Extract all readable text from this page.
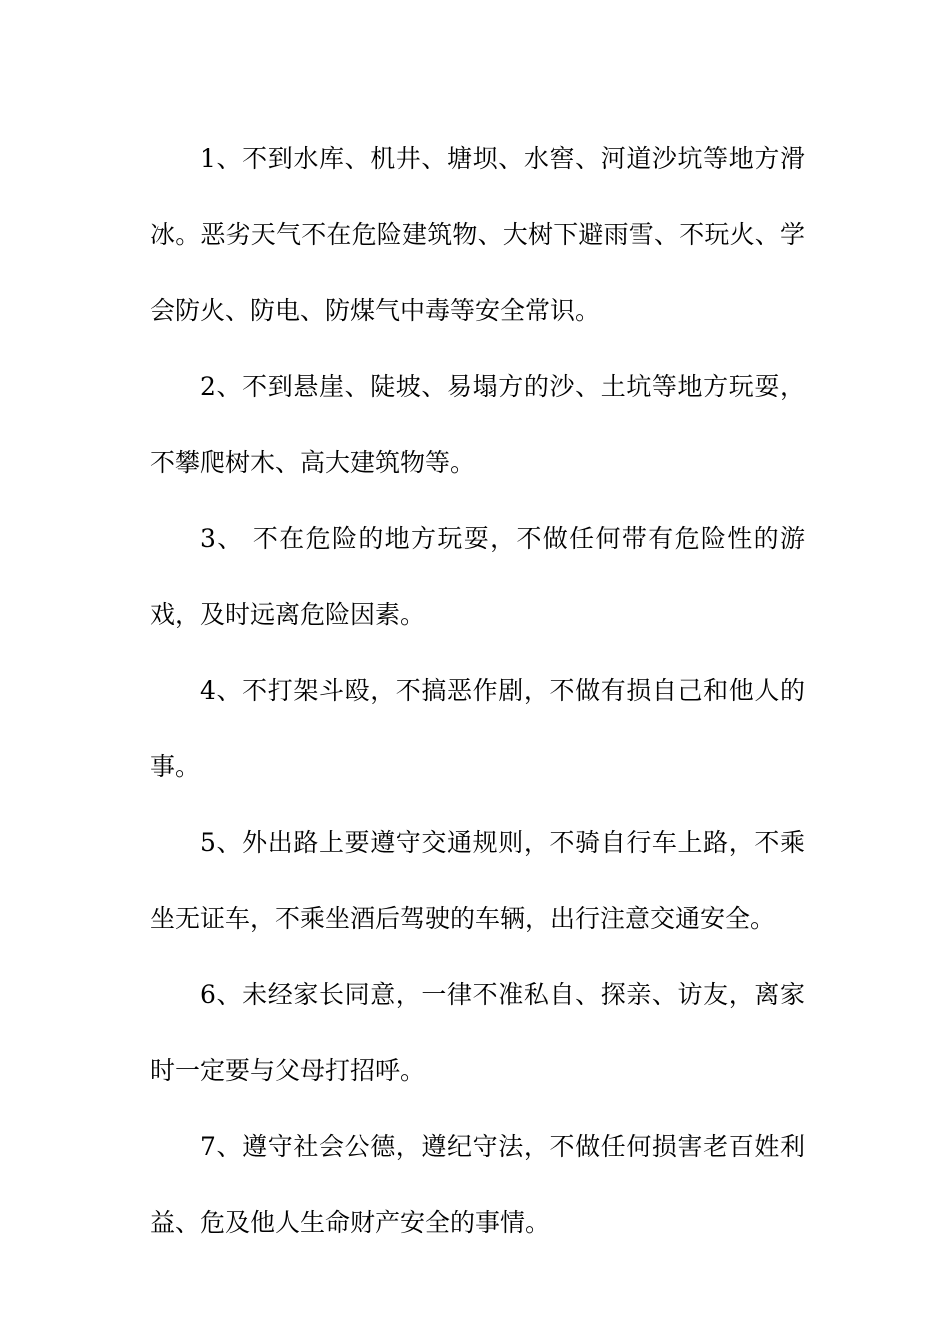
1、不到水库、机井、塘坝、水窖、河道沙坑等地方滑冰。恶劣天气不在危险建筑物、大树下避雨雪、不玩火、学会防火、防电、防煤气中毒等安全常识。

2、不到悬崖、陡坡、易塌方的沙、土坑等地方玩耍，不攀爬树木、高大建筑物等。

3、 不在危险的地方玩耍，不做任何带有危险性的游戏，及时远离危险因素。

4、不打架斗殴，不搞恶作剧，不做有损自己和他人的事。

5、外出路上要遵守交通规则，不骑自行车上路，不乘坐无证车，不乘坐酒后驾驶的车辆，出行注意交通安全。

6、未经家长同意，一律不准私自、探亲、访友，离家时一定要与父母打招呼。

7、遵守社会公德，遵纪守法，不做任何损害老百姓利益、危及他人生命财产安全的事情。
